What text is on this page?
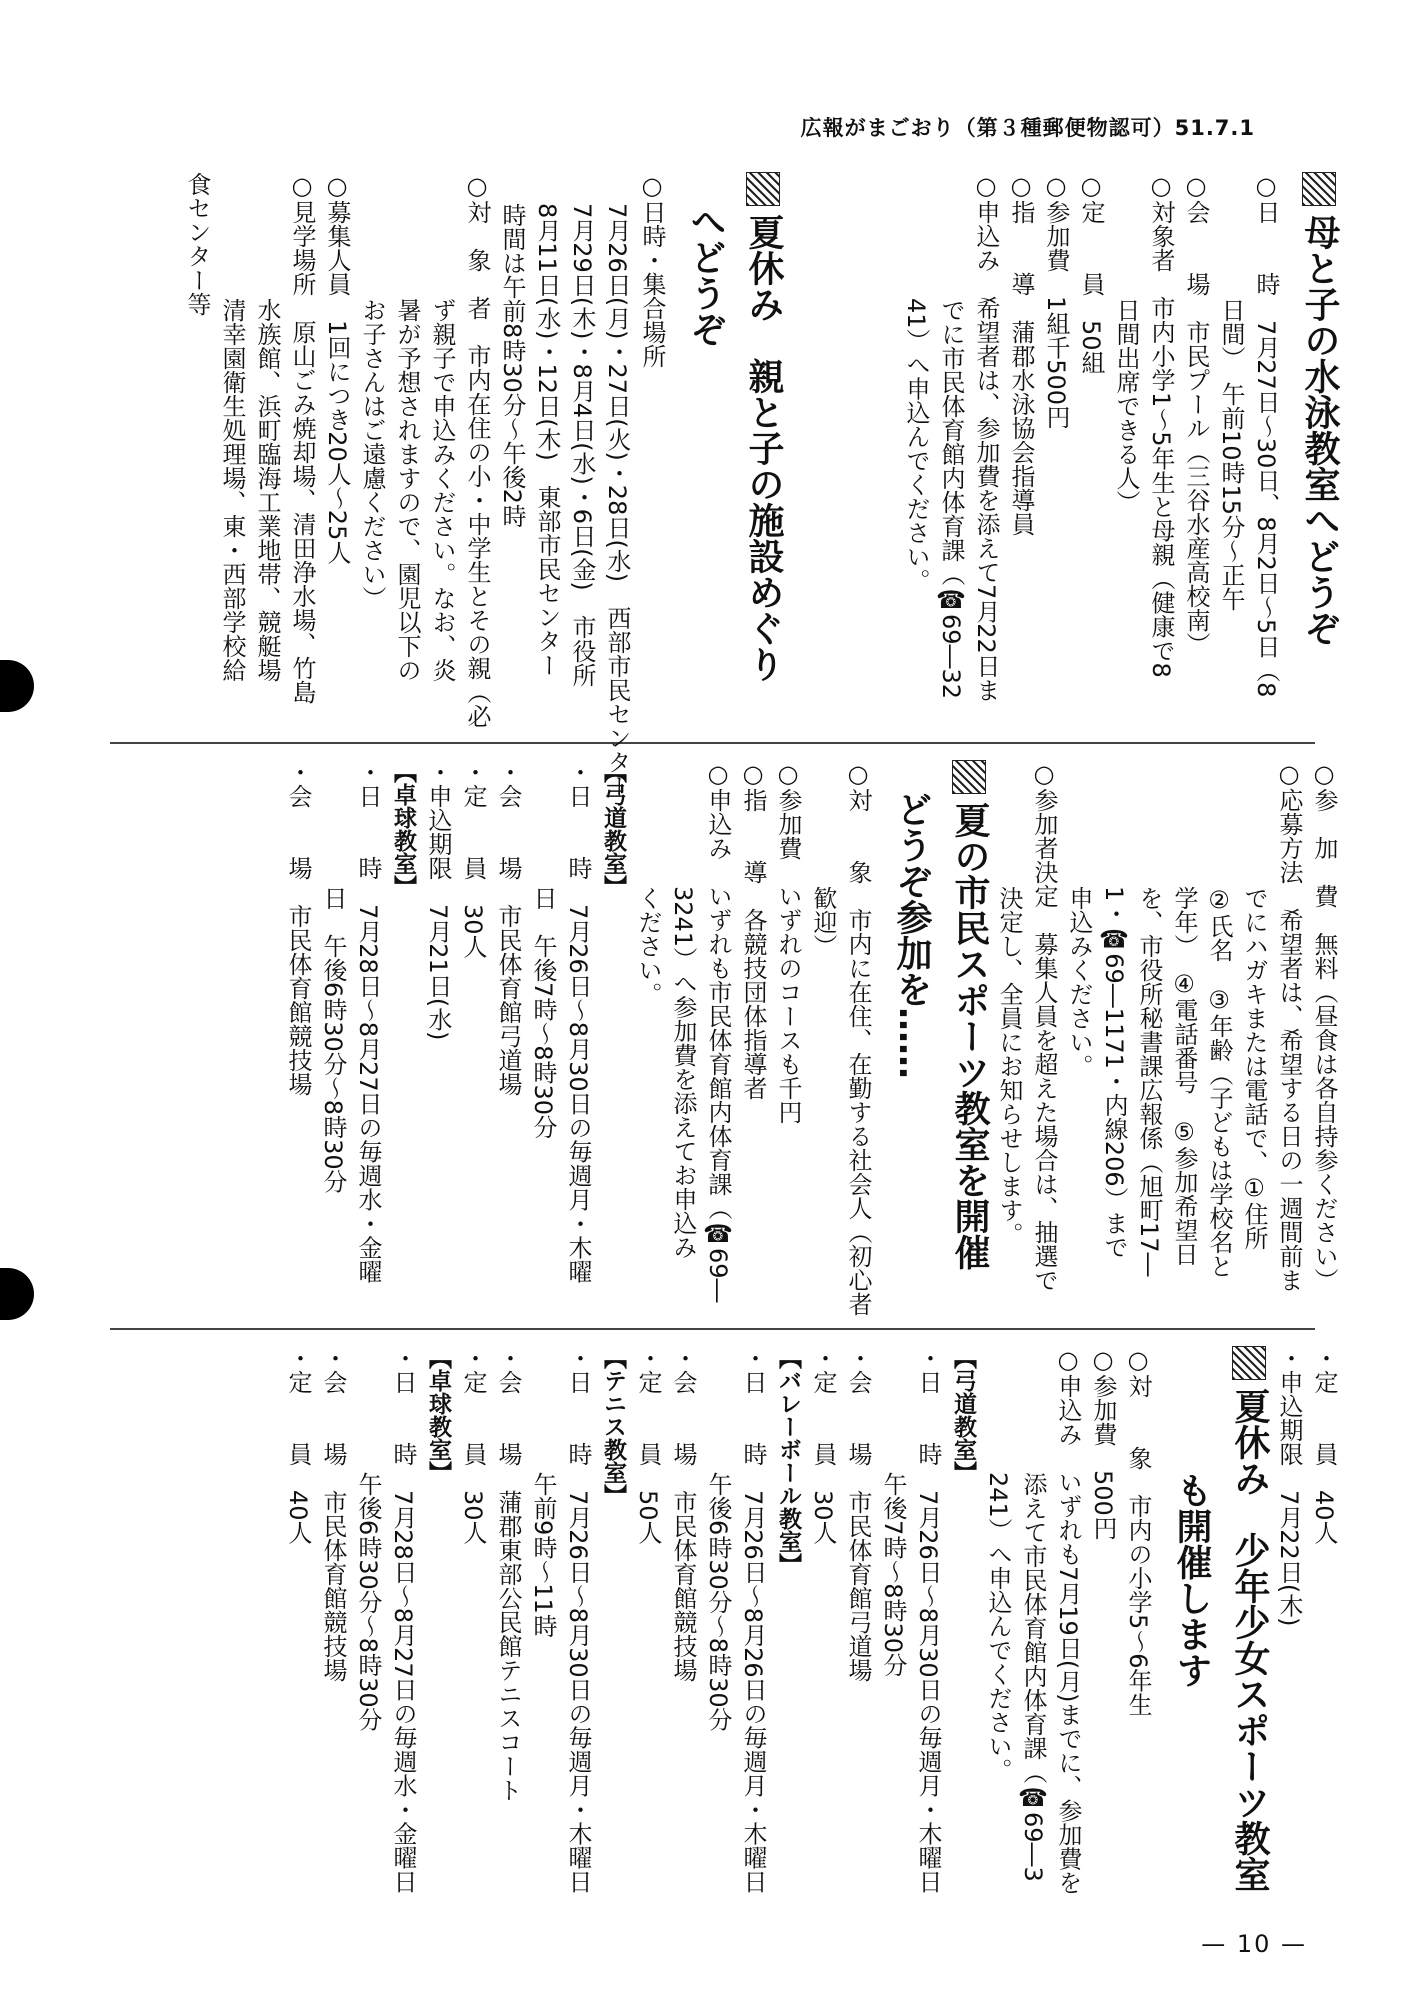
広報がまごおり（第３種郵便物認可）51.7.1
母と子の水泳教室へどうぞ
○日　　時　7月27日〜30日、8月2日〜5日（8
日間）　午前10時15分〜正午
○会　　場　市民プール（三谷水産高校南）
○対象者　市内小学1〜5年生と母親（健康で8
日間出席できる人）
○定　　員　50組
○参加費　1組千500円
○指　　導　蒲郡水泳協会指導員
○申込み　希望者は、参加費を添えて7月22日ま
でに市民体育館内体育課（☎69―32
41）へ申込んでください。
夏休み　親と子の施設めぐり
へどうぞ
○日時・集合場所
7月26日(月)・27日(火)・28日(水)　西部市民センター
7月29日(木)・8月4日(水)・6日(金)　市役所
8月11日(水)・12日(木)　東部市民センター
時間は午前8時30分〜午後2時
○対　象　者　市内在住の小・中学生とその親（必
ず親子で申込みください。なお、炎
暑が予想されますので、園児以下の
お子さんはご遠慮ください）
○募集人員　1回につき20人〜25人
○見学場所　原山ごみ焼却場、清田浄水場、竹島
水族館、浜町臨海工業地帯、競艇場
清幸園衛生処理場、東・西部学校給
食センター等
○参　加　費　無料（昼食は各自持参ください）
○応募方法　希望者は、希望する日の一週間前ま
でにハガキまたは電話で、①住所
②氏名　③年齢（子どもは学校名と
学年）　④電話番号　⑤参加希望日
を、市役所秘書課広報係（旭町17―
1・☎69―1171・内線206）まで
申込みください。
○参加者決定　募集人員を超えた場合は、抽選で
決定し、全員にお知らせします。
夏の市民スポーツ教室を開催
どうぞ参加を……
○対　　象　市内に在住、在勤する社会人（初心者
歓迎）
○参加費　いずれのコースも千円
○指　　導　各競技団体指導者
○申込み　いずれも市民体育館内体育課（☎69―
3241）へ参加費を添えてお申込み
ください。
【弓道教室】
・日　　時　7月26日〜8月30日の毎週月・木曜
日　午後7時〜8時30分
・会　　場　市民体育館弓道場
・定　　員　30人
・申込期限　7月21日(水)
【卓球教室】
・日　　時　7月28日〜8月27日の毎週水・金曜
日　午後6時30分〜8時30分
・会　　場　市民体育館競技場
・定　　員　40人
・申込期限　7月22日(木)
夏休み　少年少女スポーツ教室
も開催します
○対　　象　市内の小学5〜6年生
○参加費　500円
○申込み　いずれも7月19日(月)までに、参加費を
添えて市民体育館内体育課（☎69―3
241）へ申込んでください。
【弓道教室】
・日　　時　7月26日〜8月30日の毎週月・木曜日
午後7時〜8時30分
・会　　場　市民体育館弓道場
・定　　員　30人
【バレーボール教室】
・日　　時　7月26日〜8月26日の毎週月・木曜日
午後6時30分〜8時30分
・会　　場　市民体育館競技場
・定　　員　50人
【テニス教室】
・日　　時　7月26日〜8月30日の毎週月・木曜日
午前9時〜11時
・会　　場　蒲郡東部公民館テニスコート
・定　　員　30人
【卓球教室】
・日　　時　7月28日〜8月27日の毎週水・金曜日
午後6時30分〜8時30分
・会　　場　市民体育館競技場
・定　　員　40人
— 10 —
